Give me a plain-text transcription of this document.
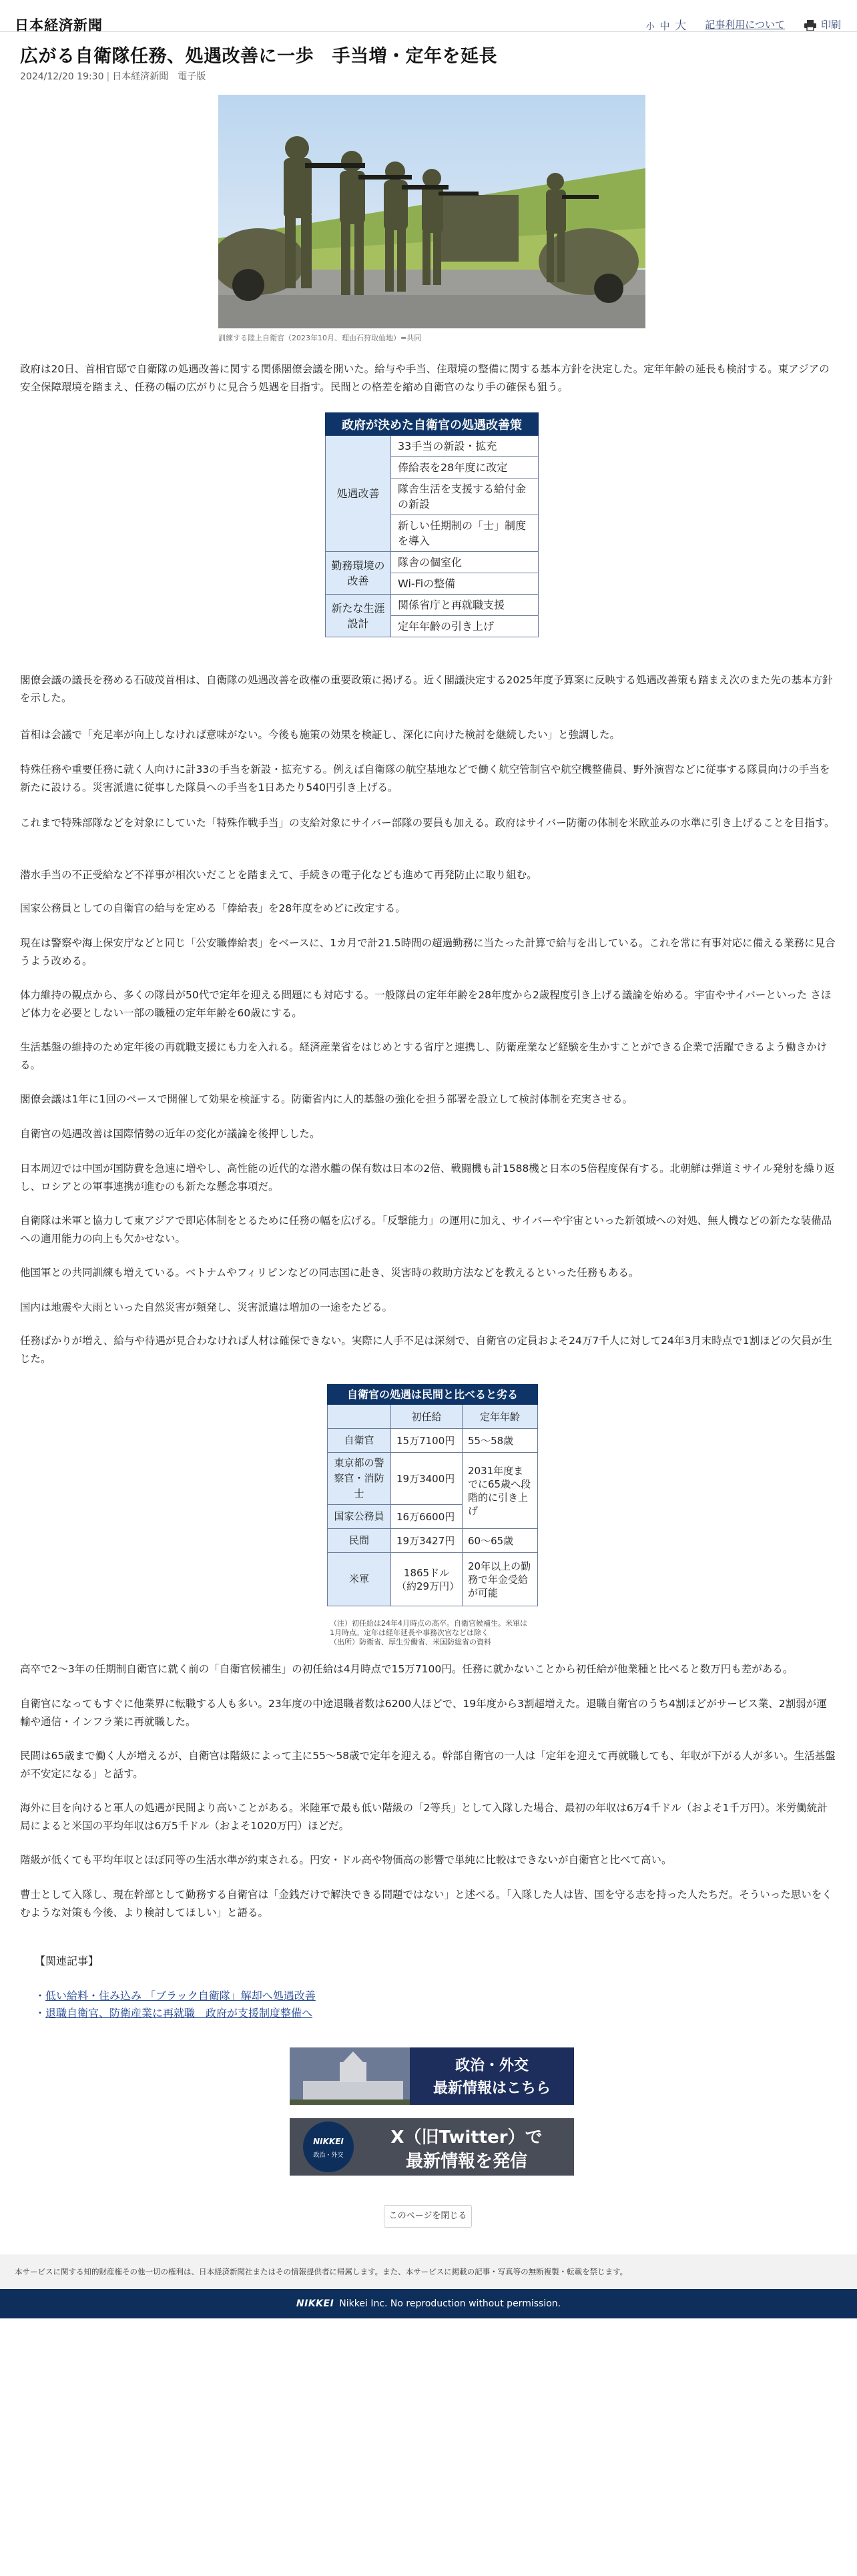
日本経済新聞	小 中 大 記事利用について	印刷
広がる自衛隊任務、処遇改善に一歩　手当増・定年を延長
2024/12/20 19:30 | 日本経済新聞　電子版
訓練する陸上自衛官（2023年10月、理由石狩取仙地）=共同

政府は20日、首相官邸で自衛隊の処遇改善に関する関係閣僚会議を開いた。給与や手当、住環境の整備に関する基本方針を決定した。定年年齢の延長も検討する。東アジアの安全保障環境を踏まえ、任務の幅の広がりに見合う処遇を目指す。民間との格差を縮め自衛官のなり手の確保も狙う。

政府が決めた自衛官の処遇改善策	
処遇改善	33手当の新設・拡充
	俸給表を28年度に改定
	隊舎生活を支援する給付金の新設
	新しい任期制の「士」制度を導入
勤務環境の改善	隊舎の個室化
	Wi-Fiの整備
新たな生涯設計	関係省庁と再就職支援
	定年年齢の引き上げ

閣僚会議の議長を務める石破茂首相は、自衛隊の処遇改善を政権の重要政策に掲げる。近く閣議決定する2025年度予算案に反映する処遇改善策も踏まえ次のまた先の基本方針を示した。

首相は会議で「充足率が向上しなければ意味がない。今後も施策の効果を検証し、深化に向けた検討を継続したい」と強調した。

特殊任務や重要任務に就く人向けに計33の手当を新設・拡充する。例えば自衛隊の航空基地などで働く航空管制官や航空機整備員、野外演習などに従事する隊員向けの手当を新たに設ける。災害派遣に従事した隊員への手当を1日あたり540円引き上げる。

これまで特殊部隊などを対象にしていた「特殊作戦手当」の支給対象にサイバー部隊の要員も加える。政府はサイバー防衛の体制を米欧並みの水準に引き上げることを目指す。

潜水手当の不正受給など不祥事が相次いだことを踏まえて、手続きの電子化なども進めて再発防止に取り組む。

国家公務員としての自衛官の給与を定める「俸給表」を28年度をめどに改定する。

現在は警察や海上保安庁などと同じ「公安職俸給表」をベースに、1カ月で計21.5時間の超過勤務に当たった計算で給与を出している。これを常に有事対応に備える業務に見合うよう改める。

体力維持の観点から、多くの隊員が50代で定年を迎える問題にも対応する。一般隊員の定年年齢を28年度から2歳程度引き上げる議論を始める。宇宙やサイバーといった さほど体力を必要としない一部の職種の定年年齢を60歳にする。

生活基盤の維持のため定年後の再就職支援にも力を入れる。経済産業省をはじめとする省庁と連携し、防衛産業など経験を生かすことができる企業で活躍できるよう働きかける。

閣僚会議は1年に1回のペースで開催して効果を検証する。防衛省内に人的基盤の強化を担う部署を設立して検討体制を充実させる。

自衛官の処遇改善は国際情勢の近年の変化が議論を後押しした。

日本周辺では中国が国防費を急速に増やし、高性能の近代的な潜水艦の保有数は日本の2倍、戦闘機も計1588機と日本の5倍程度保有する。北朝鮮は弾道ミサイル発射を繰り返し、ロシアとの軍事連携が進むのも新たな懸念事項だ。

自衛隊は米軍と協力して東アジアで即応体制をとるために任務の幅を広げる。「反撃能力」の運用に加え、サイバーや宇宙といった新領域への対処、無人機などの新たな装備品への適用能力の向上も欠かせない。

他国軍との共同訓練も増えている。ベトナムやフィリピンなどの同志国に赴き、災害時の救助方法などを教えるといった任務もある。

国内は地震や大雨といった自然災害が頻発し、災害派遣は増加の一途をたどる。

任務ばかりが増え、給与や待遇が見合わなければ人材は確保できない。実際に人手不足は深刻で、自衛官の定員およそ24万7千人に対して24年3月末時点で1割ほどの欠員が生じた。

自衛官の処遇は民間と比べると劣る		
	初任給	定年年齢
自衛官	15万7100円	55～58歳
東京都の警察官・消防士	19万3400円	2031年度までに65歳へ段階的に引き上げ
国家公務員	16万6600円	
民間	19万3427円	60～65歳
米軍	1865ドル（約29万円）	20年以上の勤務で年金受給が可能
（注）初任給は24年4月時点の高卒。自衛官候補生。米軍は1月時点。定年は経年延長や事務次官などは除く
（出所）防衛省、厚生労働省、米国防総省の資料

高卒で2～3年の任期制自衛官に就く前の「自衛官候補生」の初任給は4月時点で15万7100円。任務に就かないことから初任給が他業種と比べると数万円も差がある。

自衛官になってもすぐに他業界に転職する人も多い。23年度の中途退職者数は6200人ほどで、19年度から3割超増えた。退職自衛官のうち4割ほどがサービス業、2割弱が運輸や通信・インフラ業に再就職した。

民間は65歳まで働く人が増えるが、自衛官は階級によって主に55～58歳で定年を迎える。幹部自衛官の一人は「定年を迎えて再就職しても、年収が下がる人が多い。生活基盤が不安定になる」と話す。

海外に目を向けると軍人の処遇が民間より高いことがある。米陸軍で最も低い階級の「2等兵」として入隊した場合、最初の年収は6万4千ドル（およそ1千万円）。米労働統計局によると米国の平均年収は6万5千ドル（およそ1020万円）ほどだ。

階級が低くても平均年収とほぼ同等の生活水準が約束される。円安・ドル高や物価高の影響で単純に比較はできないが自衛官と比べて高い。

曹士として入隊し、現在幹部として勤務する自衛官は「金銭だけで解決できる問題ではない」と述べる。「入隊した人は皆、国を守る志を持った人たちだ。そういった思いをくむような対策も今後、より検討してほしい」と語る。

【関連記事】
・低い給料・住み込み 「ブラック自衛隊」解却へ処遇改善
・退職自衛官、防衛産業に再就職　政府が支援制度整備へ
政治・外交
最新情報はこちら
NIKKEI
政治・外交
X（旧Twitter）で
最新情報を発信
このページを閉じる
本サービスに関する知的財産権その他一切の権利は、日本経済新聞社またはその情報提供者に帰属します。また、本サービスに掲載の記事・写真等の無断複製・転載を禁じます。
NIKKEI Nikkei Inc. No reproduction without permission.
